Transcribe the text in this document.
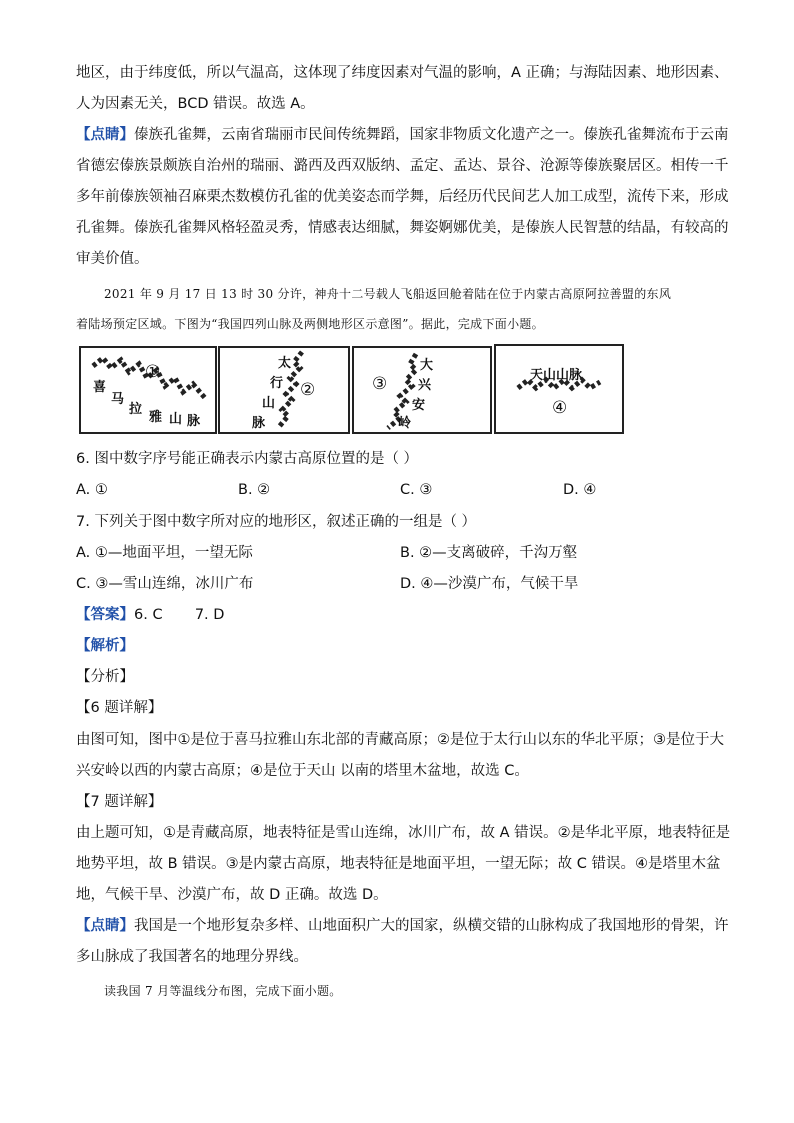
地区，由于纬度低，所以气温高，这体现了纬度因素对气温的影响，A 正确；与海陆因素、地形因素、
人为因素无关，BCD 错误。故选 A。
【点睛】傣族孔雀舞，云南省瑞丽市民间传统舞蹈，国家非物质文化遗产之一。傣族孔雀舞流布于云南
省德宏傣族景颇族自治州的瑞丽、潞西及西双版纳、孟定、孟达、景谷、沧源等傣族聚居区。相传一千
多年前傣族领袖召麻栗杰数模仿孔雀的优美姿态而学舞，后经历代民间艺人加工成型，流传下来，形成
孔雀舞。傣族孔雀舞风格轻盈灵秀，情感表达细腻，舞姿婀娜优美，是傣族人民智慧的结晶，有较高的
审美价值。
2021 年 9 月 17 日 13 时 30 分许，神舟十二号载人飞船返回舱着陆在位于内蒙古高原阿拉善盟的东风
着陆场预定区域。下图为“我国四列山脉及两侧地形区示意图”。据此，完成下面小题。
①
喜
马
拉
雅 山 脉
太
行
山
脉
②	③
大
兴
安
岭
天山山脉
④
6. 图中数字序号能正确表示内蒙古高原位置的是（ ）
A. ①	B. ②	C. ③	D. ④
7. 下列关于图中数字所对应的地形区，叙述正确的一组是（ ）
A. ①—地面平坦，一望无际	B. ②—支离破碎，千沟万壑
C. ③—雪山连绵，冰川广布	D. ④—沙漠广布，气候干旱
【答案】6. C       7. D
【解析】
【分析】
【6 题详解】
由图可知，图中①是位于喜马拉雅山东北部的青藏高原；②是位于太行山以东的华北平原；③是位于大
兴安岭以西的内蒙古高原；④是位于天山 以南的塔里木盆地，故选 C。
【7 题详解】
由上题可知，①是青藏高原，地表特征是雪山连绵，冰川广布，故 A 错误。②是华北平原，地表特征是
地势平坦，故 B 错误。③是内蒙古高原，地表特征是地面平坦，一望无际；故 C 错误。④是塔里木盆
地，气候干旱、沙漠广布，故 D 正确。故选 D。
【点睛】我国是一个地形复杂多样、山地面积广大的国家，纵横交错的山脉构成了我国地形的骨架，许
多山脉成了我国著名的地理分界线。
读我国 7 月等温线分布图，完成下面小题。
